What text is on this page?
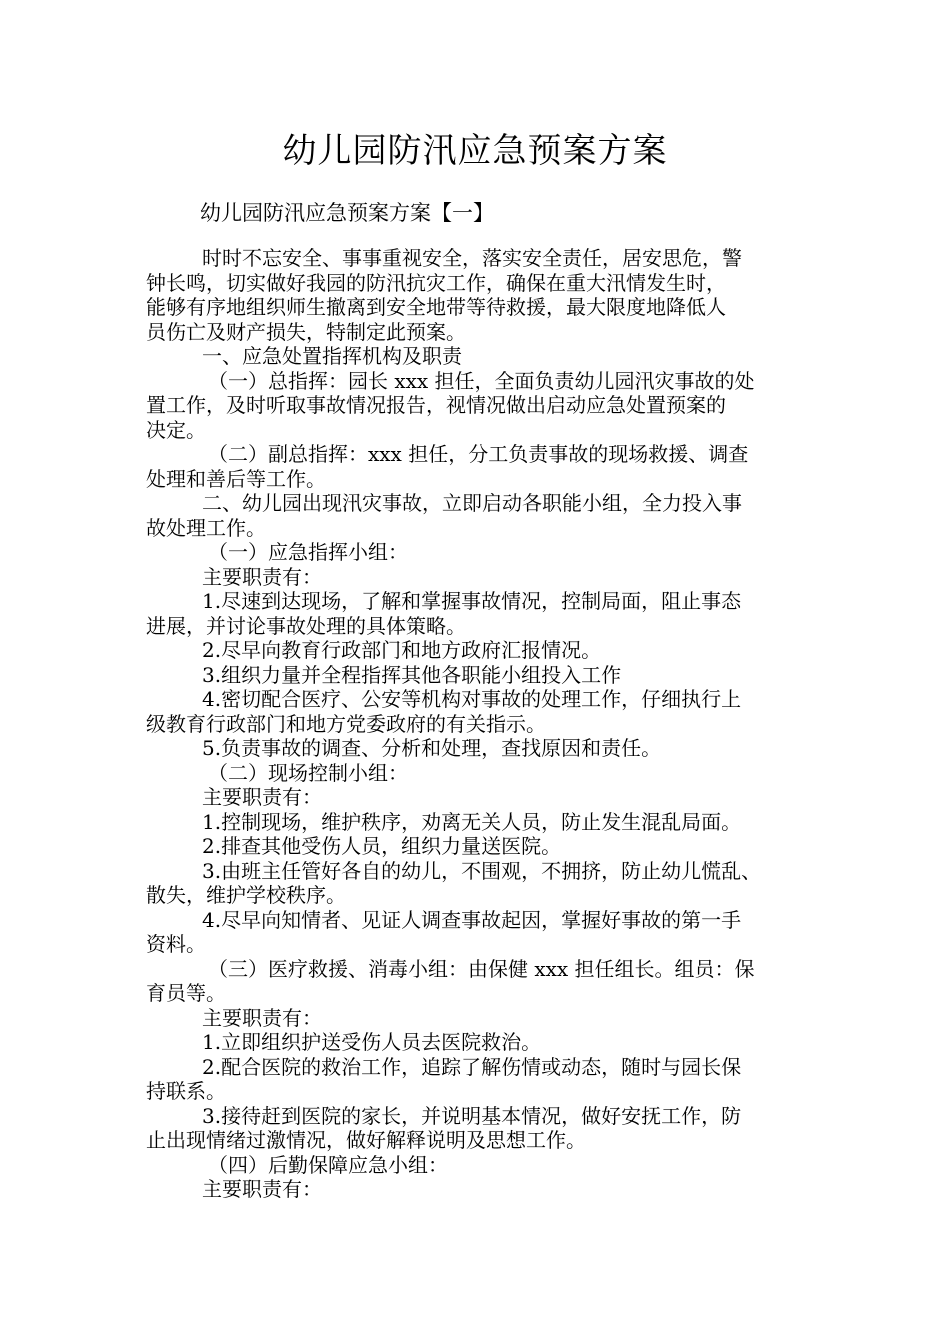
幼儿园防汛应急预案方案
幼儿园防汛应急预案方案【一】
时时不忘安全、事事重视安全，落实安全责任，居安思危，警
钟长鸣，切实做好我园的防汛抗灾工作，确保在重大汛情发生时，
能够有序地组织师生撤离到安全地带等待救援，最大限度地降低人
员伤亡及财产损失，特制定此预案。
一、应急处置指挥机构及职责
（一）总指挥：园长 xxx 担任，全面负责幼儿园汛灾事故的处
置工作，及时听取事故情况报告，视情况做出启动应急处置预案的
决定。
（二）副总指挥：xxx 担任，分工负责事故的现场救援、调查
处理和善后等工作。
二、幼儿园出现汛灾事故，立即启动各职能小组，全力投入事
故处理工作。
（一）应急指挥小组：
主要职责有：
1.尽速到达现场，了解和掌握事故情况，控制局面，阻止事态
进展，并讨论事故处理的具体策略。
2.尽早向教育行政部门和地方政府汇报情况。
3.组织力量并全程指挥其他各职能小组投入工作
4.密切配合医疗、公安等机构对事故的处理工作，仔细执行上
级教育行政部门和地方党委政府的有关指示。
5.负责事故的调查、分析和处理，查找原因和责任。
（二）现场控制小组：
主要职责有：
1.控制现场，维护秩序，劝离无关人员，防止发生混乱局面。
2.排查其他受伤人员，组织力量送医院。
3.由班主任管好各自的幼儿，不围观，不拥挤，防止幼儿慌乱、
散失，维护学校秩序。
4.尽早向知情者、见证人调查事故起因，掌握好事故的第一手
资料。
（三）医疗救援、消毒小组：由保健 xxx 担任组长。组员：保
育员等。
主要职责有：
1.立即组织护送受伤人员去医院救治。
2.配合医院的救治工作，追踪了解伤情或动态，随时与园长保
持联系。
3.接待赶到医院的家长，并说明基本情况，做好安抚工作，防
止出现情绪过激情况，做好解释说明及思想工作。
（四）后勤保障应急小组：
主要职责有：
